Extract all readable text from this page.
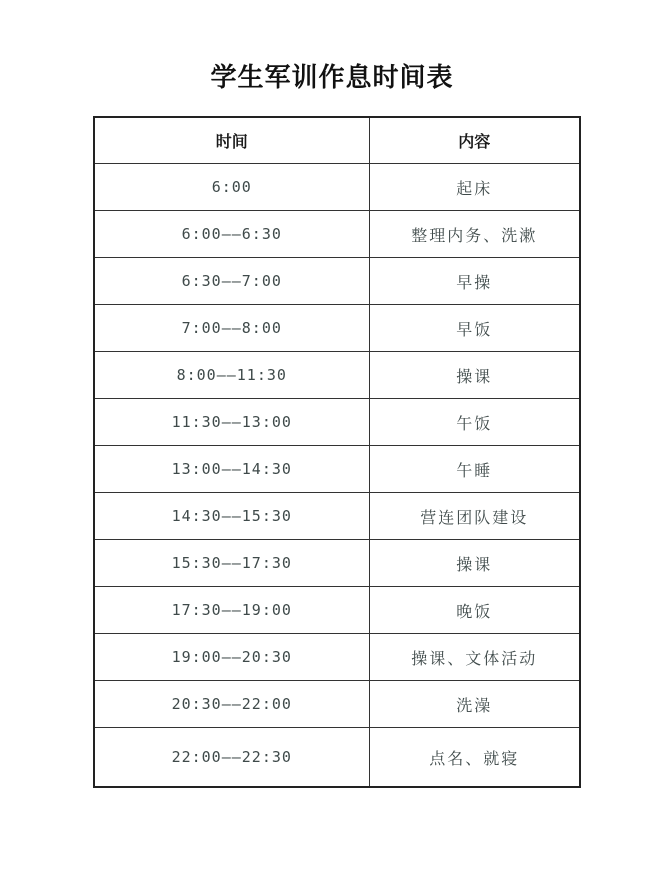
学生军训作息时间表
时间	内容
6:00	起床
6:00——6:30	整理内务、洗漱
6:30——7:00	早操
7:00——8:00	早饭
8:00——11:30	操课
11:30——13:00	午饭
13:00——14:30	午睡
14:30——15:30	营连团队建设
15:30——17:30	操课
17:30——19:00	晚饭
19:00——20:30	操课、文体活动
20:30——22:00	洗澡
22:00——22:30	点名、就寝
